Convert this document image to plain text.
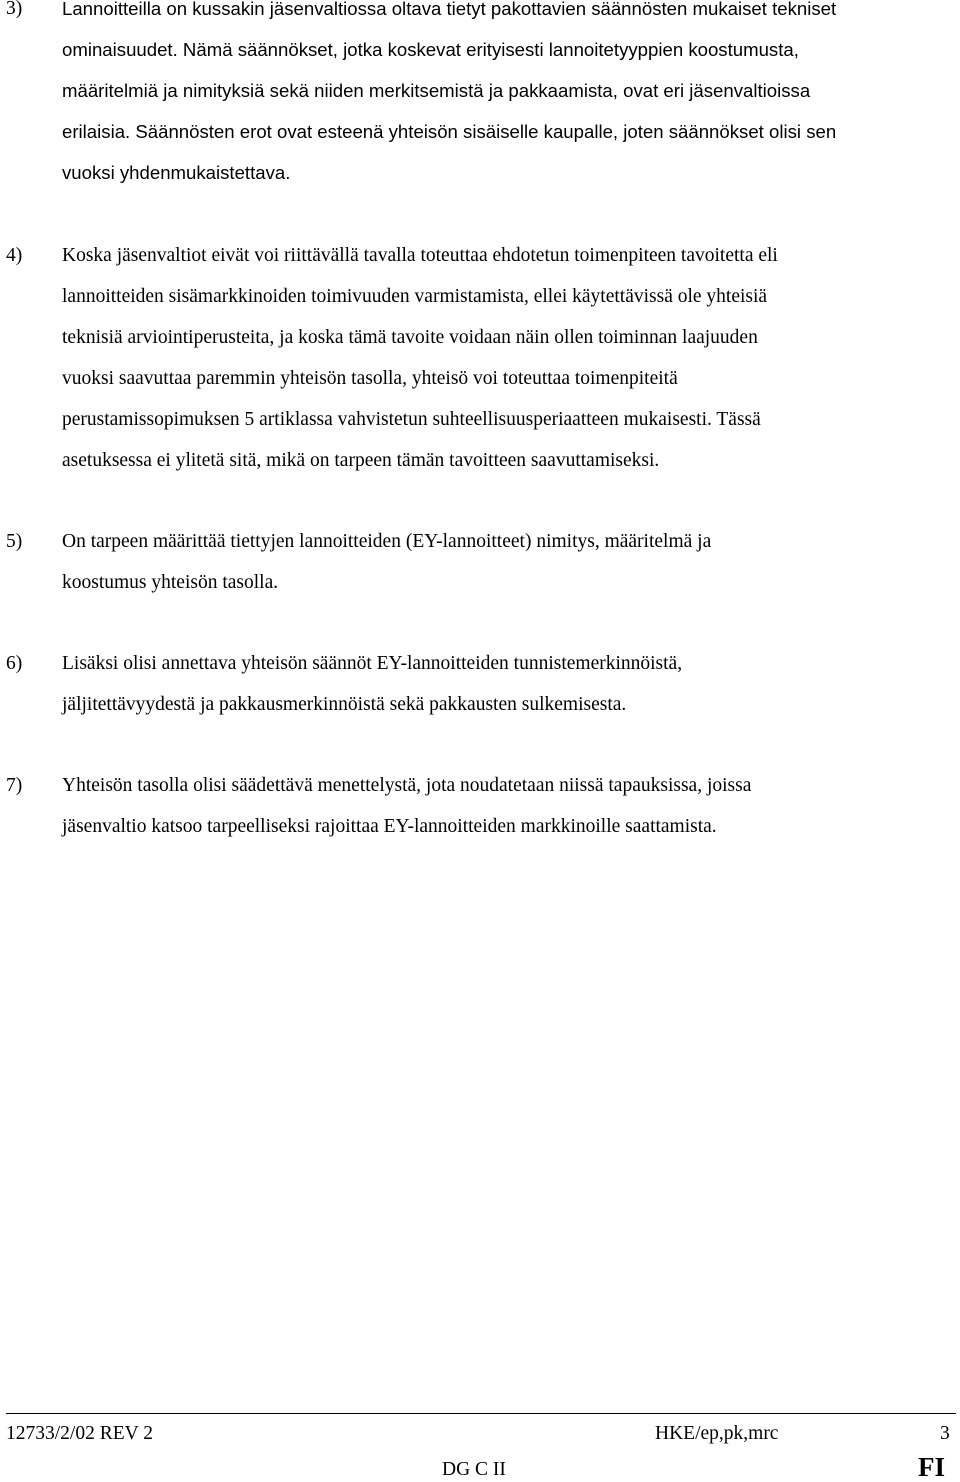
3) Lannoitteilla on kussakin jäsenvaltiossa oltava tietyt pakottavien säännösten mukaiset tekniset
ominaisuudet. Nämä säännökset, jotka koskevat erityisesti lannoitetyyppien koostumusta,
määritelmiä ja nimityksiä sekä niiden merkitsemistä ja pakkaamista, ovat eri jäsenvaltioissa
erilaisia. Säännösten erot ovat esteenä yhteisön sisäiselle kaupalle, joten säännökset olisi sen
vuoksi yhdenmukaistettava.
4) Koska jäsenvaltiot eivät voi riittävällä tavalla toteuttaa ehdotetun toimenpiteen tavoitetta eli
lannoitteiden sisämarkkinoiden toimivuuden varmistamista, ellei käytettävissä ole yhteisiä
teknisiä arviointiperusteita, ja koska tämä tavoite voidaan näin ollen toiminnan laajuuden
vuoksi saavuttaa paremmin yhteisön tasolla, yhteisö voi toteuttaa toimenpiteitä
perustamissopimuksen 5 artiklassa vahvistetun suhteellisuusperiaatteen mukaisesti. Tässä
asetuksessa ei ylitetä sitä, mikä on tarpeen tämän tavoitteen saavuttamiseksi.
5) On tarpeen määrittää tiettyjen lannoitteiden (EY-lannoitteet) nimitys, määritelmä ja
koostumus yhteisön tasolla.
6) Lisäksi olisi annettava yhteisön säännöt EY-lannoitteiden tunnistemerkinnöistä,
jäljitettävyydestä ja pakkausmerkinnöistä sekä pakkausten sulkemisesta.
7) Yhteisön tasolla olisi säädettävä menettelystä, jota noudatetaan niissä tapauksissa, joissa
jäsenvaltio katsoo tarpeelliseksi rajoittaa EY-lannoitteiden markkinoille saattamista.
12733/2/02 REV 2	HKE/ep,pk,mrc	3
DG C II	FI
